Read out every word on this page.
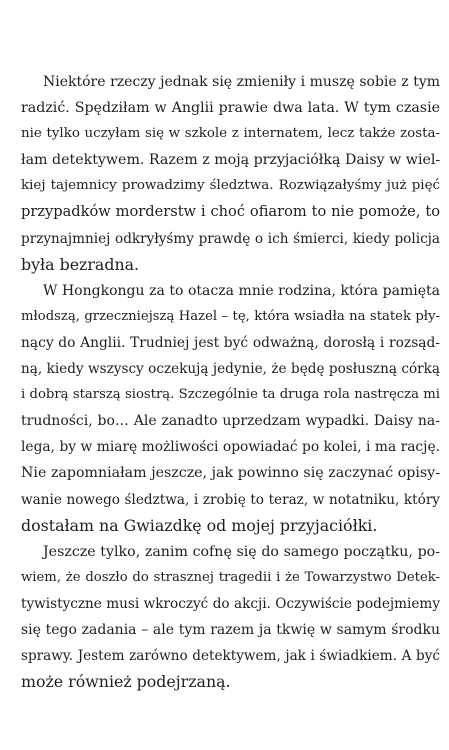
Niektóre rzeczy jednak się zmieniły i muszę sobie z tym
radzić. Spędziłam w Anglii prawie dwa lata. W tym czasie
nie tylko uczyłam się w szkole z internatem, lecz także zosta-
łam detektywem. Razem z moją przyjaciółką Daisy w wiel-
kiej tajemnicy prowadzimy śledztwa. Rozwiązałyśmy już pięć
przypadków morderstw i choć ofiarom to nie pomoże, to
przynajmniej odkryłyśmy prawdę o ich śmierci, kiedy policja
była bezradna.

W Hongkongu za to otacza mnie rodzina, która pamięta
młodszą, grzeczniejszą Hazel – tę, która wsiadła na statek pły-
nący do Anglii. Trudniej jest być odważną, dorosłą i rozsąd-
ną, kiedy wszyscy oczekują jedynie, że będę posłuszną córką
i dobrą starszą siostrą. Szczególnie ta druga rola nastręcza mi
trudności, bo… Ale zanadto uprzedzam wypadki. Daisy na-
lega, by w miarę możliwości opowiadać po kolei, i ma rację.
Nie zapomniałam jeszcze, jak powinno się zaczynać opisy-
wanie nowego śledztwa, i zrobię to teraz, w notatniku, który
dostałam na Gwiazdkę od mojej przyjaciółki.

Jeszcze tylko, zanim cofnę się do samego początku, po-
wiem, że doszło do strasznej tragedii i że Towarzystwo Detek-
tywistyczne musi wkroczyć do akcji. Oczywiście podejmiemy
się tego zadania – ale tym razem ja tkwię w samym środku
sprawy. Jestem zarówno detektywem, jak i świadkiem. A być
może również podejrzaną.
